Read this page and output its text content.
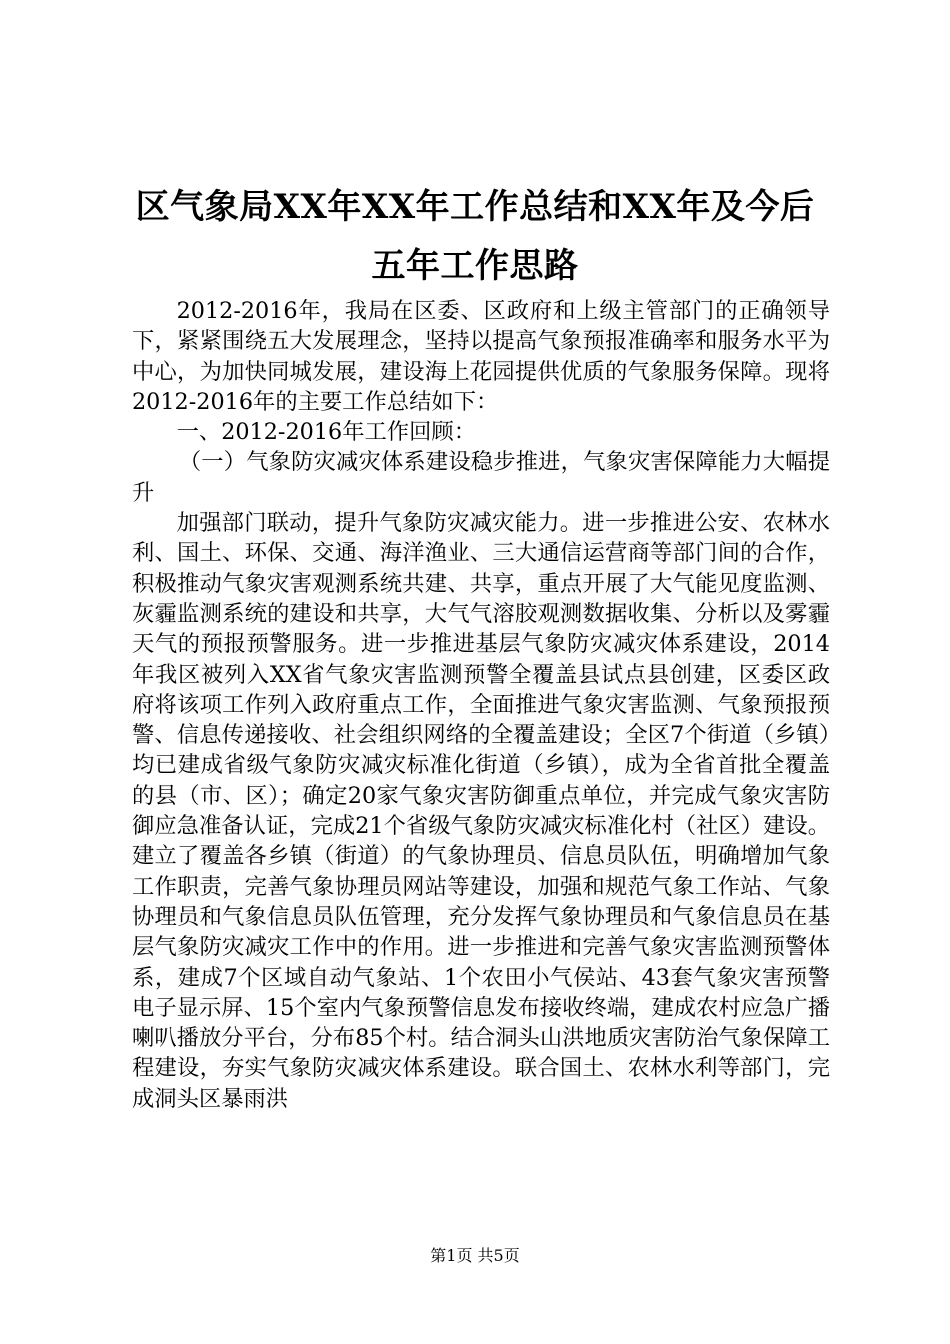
区气象局XX年XX年工作总结和XX年及今后
五年工作思路

2012-2016年，我局在区委、区政府和上级主管部门的正确领导下，紧紧围绕五大发展理念，坚持以提高气象预报准确率和服务水平为中心，为加快同城发展，建设海上花园提供优质的气象服务保障。现将2012-2016年的主要工作总结如下：

一、2012-2016年工作回顾：

（一）气象防灾减灾体系建设稳步推进，气象灾害保障能力大幅提升

加强部门联动，提升气象防灾减灾能力。进一步推进公安、农林水利、国土、环保、交通、海洋渔业、三大通信运营商等部门间的合作，积极推动气象灾害观测系统共建、共享，重点开展了大气能见度监测、灰霾监测系统的建设和共享，大气气溶胶观测数据收集、分析以及雾霾天气的预报预警服务。进一步推进基层气象防灾减灾体系建设，2014年我区被列入XX省气象灾害监测预警全覆盖县试点县创建，区委区政府将该项工作列入政府重点工作，全面推进气象灾害监测、气象预报预警、信息传递接收、社会组织网络的全覆盖建设；全区7个街道（乡镇）均已建成省级气象防灾减灾标准化街道（乡镇），成为全省首批全覆盖的县（市、区）；确定20家气象灾害防御重点单位，并完成气象灾害防御应急准备认证，完成21个省级气象防灾减灾标准化村（社区）建设。建立了覆盖各乡镇（街道）的气象协理员、信息员队伍，明确增加气象工作职责，完善气象协理员网站等建设，加强和规范气象工作站、气象协理员和气象信息员队伍管理，充分发挥气象协理员和气象信息员在基层气象防灾减灾工作中的作用。进一步推进和完善气象灾害监测预警体系，建成7个区域自动气象站、1个农田小气侯站、43套气象灾害预警电子显示屏、15个室内气象预警信息发布接收终端，建成农村应急广播喇叭播放分平台，分布85个村。结合洞头山洪地质灾害防治气象保障工程建设，夯实气象防灾减灾体系建设。联合国土、农林水利等部门，完成洞头区暴雨洪

第1页 共5页
